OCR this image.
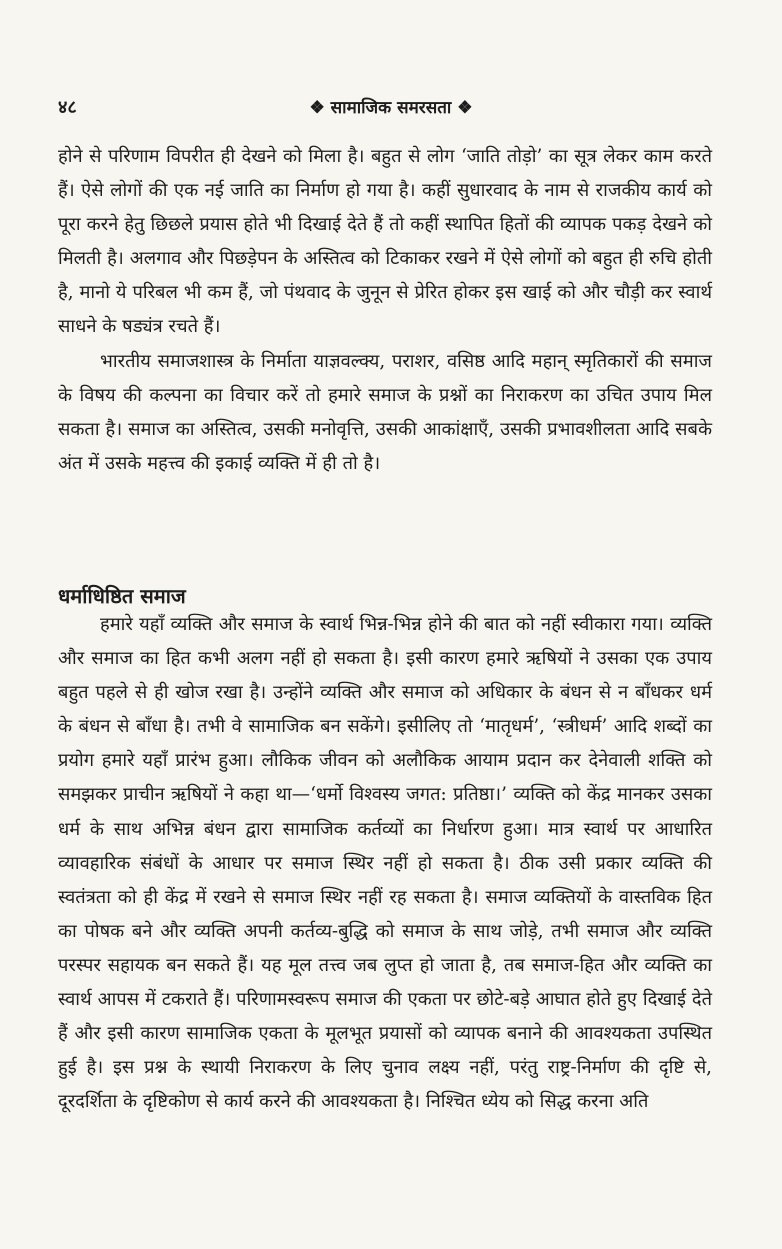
४८	❖ सामाजिक समरसता ❖

होने से परिणाम विपरीत ही देखने को मिला है। बहुत से लोग ‘जाति तोड़ो’ का सूत्र लेकर काम करते हैं। ऐसे लोगों की एक नई जाति का निर्माण हो गया है। कहीं सुधारवाद के नाम से राजकीय कार्य को पूरा करने हेतु छिछले प्रयास होते भी दिखाई देते हैं तो कहीं स्थापित हितों की व्यापक पकड़ देखने को मिलती है। अलगाव और पिछड़ेपन के अस्तित्व को टिकाकर रखने में ऐसे लोगों को बहुत ही रुचि होती है, मानो ये परिबल भी कम हैं, जो पंथवाद के जुनून से प्रेरित होकर इस खाई को और चौड़ी कर स्वार्थ साधने के षड्यंत्र रचते हैं।

भारतीय समाजशास्त्र के निर्माता याज्ञवल्क्य, पराशर, वसिष्ठ आदि महान् स्मृतिकारों की समाज के विषय की कल्पना का विचार करें तो हमारे समाज के प्रश्नों का निराकरण का उचित उपाय मिल सकता है। समाज का अस्तित्व, उसकी मनोवृत्ति, उसकी आकांक्षाएँ, उसकी प्रभावशीलता आदि सबके अंत में उसके महत्त्व की इकाई व्यक्ति में ही तो है।

धर्माधिष्ठित समाज

हमारे यहाँ व्यक्ति और समाज के स्वार्थ भिन्न-भिन्न होने की बात को नहीं स्वीकारा गया। व्यक्ति और समाज का हित कभी अलग नहीं हो सकता है। इसी कारण हमारे ऋषियों ने उसका एक उपाय बहुत पहले से ही खोज रखा है। उन्होंने व्यक्ति और समाज को अधिकार के बंधन से न बाँधकर धर्म के बंधन से बाँधा है। तभी वे सामाजिक बन सकेंगे। इसीलिए तो ‘मातृधर्म’, ‘स्त्रीधर्म’ आदि शब्दों का प्रयोग हमारे यहाँ प्रारंभ हुआ। लौकिक जीवन को अलौकिक आयाम प्रदान कर देनेवाली शक्ति को समझकर प्राचीन ऋषियों ने कहा था—‘धर्मो विश्वस्य जगत: प्रतिष्ठा।’ व्यक्ति को केंद्र मानकर उसका धर्म के साथ अभिन्न बंधन द्वारा सामाजिक कर्तव्यों का निर्धारण हुआ। मात्र स्वार्थ पर आधारित व्यावहारिक संबंधों के आधार पर समाज स्थिर नहीं हो सकता है। ठीक उसी प्रकार व्यक्ति की स्वतंत्रता को ही केंद्र में रखने से समाज स्थिर नहीं रह सकता है। समाज व्यक्तियों के वास्तविक हित का पोषक बने और व्यक्ति अपनी कर्तव्य-बुद्धि को समाज के साथ जोड़े, तभी समाज और व्यक्ति परस्पर सहायक बन सकते हैं। यह मूल तत्त्व जब लुप्त हो जाता है, तब समाज-हित और व्यक्ति का स्वार्थ आपस में टकराते हैं। परिणामस्वरूप समाज की एकता पर छोटे-बड़े आघात होते हुए दिखाई देते हैं और इसी कारण सामाजिक एकता के मूलभूत प्रयासों को व्यापक बनाने की आवश्यकता उपस्थित हुई है। इस प्रश्न के स्थायी निराकरण के लिए चुनाव लक्ष्य नहीं, परंतु राष्ट्र-निर्माण की दृष्टि से, दूरदर्शिता के दृष्टिकोण से कार्य करने की आवश्यकता है। निश्चित ध्येय को सिद्ध करना अति
